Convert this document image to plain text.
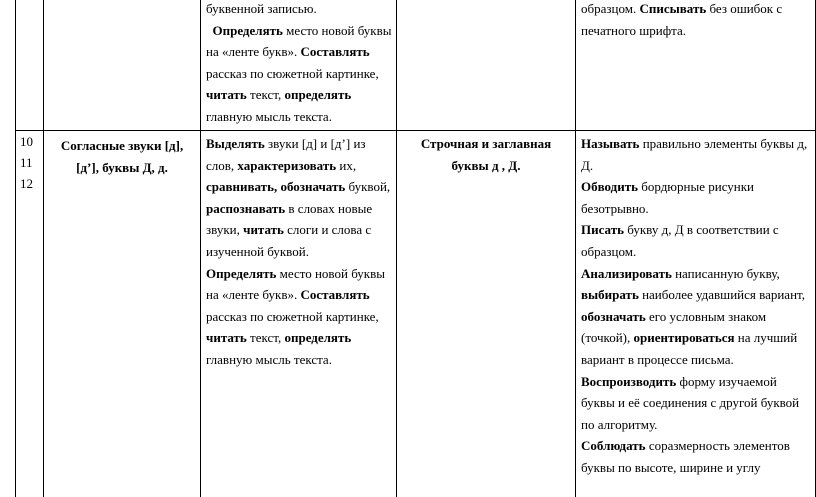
буквенной записью.
Определять место новой буквы
на «ленте букв». Составлять
рассказ по сюжетной картинке,
читать текст, определять
главную мысль текста.
образцом. Списывать без ошибок с
печатного шрифта.
10
11
12
Согласные звуки [д],
[д’], буквы Д, д.
Выделять звуки [д] и [д’] из
слов, характеризовать их,
сравнивать, обозначать буквой,
распознавать в словах новые
звуки, читать слоги и слова с
изученной буквой.
Определять место новой буквы
на «ленте букв». Составлять
рассказ по сюжетной картинке,
читать текст, определять
главную мысль текста.
Строчная и заглавная
буквы д , Д.
Называть правильно элементы буквы д,
Д.
Обводить бордюрные рисунки
безотрывно.
Писать букву д, Д в соответствии с
образцом.
Анализировать написанную букву,
выбирать наиболее удавшийся вариант,
обозначать его условным знаком
(точкой), ориентироваться на лучший
вариант в процессе письма.
Воспроизводить форму изучаемой
буквы и её соединения с другой буквой
по алгоритму.
Соблюдать соразмерность элементов
буквы по высоте, ширине и углу
